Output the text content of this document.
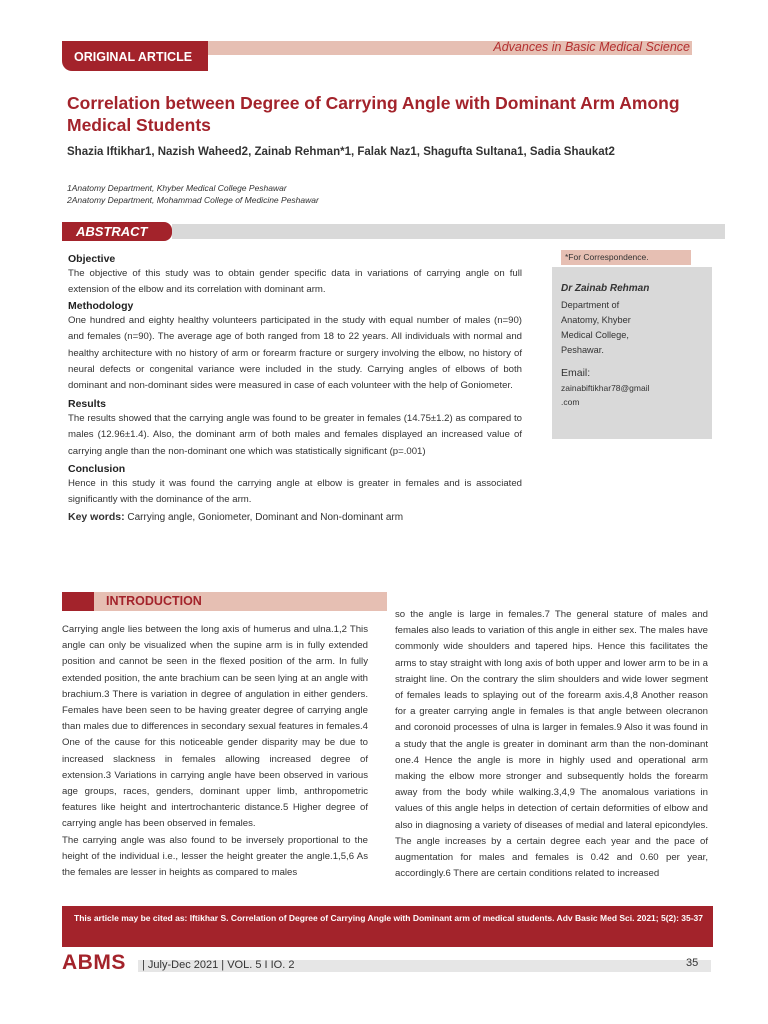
ORIGINAL ARTICLE
Advances in Basic Medical Science
Correlation between Degree of Carrying Angle with Dominant Arm Among Medical Students
Shazia Iftikhar1, Nazish Waheed2, Zainab Rehman*1, Falak Naz1, Shagufta Sultana1, Sadia Shaukat2
1Anatomy Department, Khyber Medical College Peshawar
2Anatomy Department, Mohammad College of Medicine Peshawar
ABSTRACT
Objective

The objective of this study was to obtain gender specific data in variations of carrying angle on full extension of the elbow and its correlation with dominant arm.

Methodology

One hundred and eighty healthy volunteers participated in the study with equal number of males (n=90) and females (n=90). The average age of both ranged from 18 to 22 years. All individuals with normal and healthy architecture with no history of arm or forearm fracture or surgery involving the elbow, no history of neural defects or congenital variance were included in the study. Carrying angles of elbows of both dominant and non-dominant sides were measured in case of each volunteer with the help of Goniometer.

Results

The results showed that the carrying angle was found to be greater in females (14.75±1.2) as compared to males (12.96±1.4). Also, the dominant arm of both males and females displayed an increased value of carrying angle than the non-dominant one which was statistically significant (p=.001)

Conclusion

Hence in this study it was found the carrying angle at elbow is greater in females and is associated significantly with the dominance of the arm.

Key words: Carrying angle, Goniometer, Dominant and Non-dominant arm

*For Correspondence.
Dr Zainab Rehman
Department of
Anatomy, Khyber
Medical College,
Peshawar.
Email:
zainabiftikhar78@gmail
.com
INTRODUCTION

Carrying angle lies between the long axis of humerus and ulna.1,2 This angle can only be visualized when the supine arm is in fully extended position and cannot be seen in the flexed position of the arm. In fully extended position, the ante brachium can be seen lying at an angle with brachium.3 There is variation in degree of angulation in either genders. Females have been seen to be having greater degree of carrying angle than males due to differences in secondary sexual features in females.4 One of the cause for this noticeable gender disparity may be due to increased slackness in females allowing increased degree of extension.3 Variations in carrying angle have been observed in various age groups, races, genders, dominant upper limb, anthropometric features like height and intertrochanteric distance.5 Higher degree of carrying angle has been observed in females.

The carrying angle was also found to be inversely proportional to the height of the individual i.e., lesser the height greater the angle.1,5,6 As the females are lesser in heights as compared to males

so the angle is large in females.7 The general stature of males and females also leads to variation of this angle in either sex. The males have commonly wide shoulders and tapered hips. Hence this facilitates the arms to stay straight with long axis of both upper and lower arm to be in a straight line. On the contrary the slim shoulders and wide lower segment of females leads to splaying out of the forearm axis.4,8 Another reason for a greater carrying angle in females is that angle between olecranon and coronoid processes of ulna is larger in females.9 Also it was found in a study that the angle is greater in dominant arm than the non-dominant one.4 Hence the angle is more in highly used and operational arm making the elbow more stronger and subsequently holds the forearm away from the body while walking.3,4,9 The anomalous variations in values of this angle helps in detection of certain deformities of elbow and also in diagnosing a variety of diseases of medial and lateral epicondyles. The angle increases by a certain degree each year and the pace of augmentation for males and females is 0.42 and 0.60 per year, accordingly.6 There are certain conditions related to increased

This article may be cited as: Iftikhar S. Correlation of Degree of Carrying Angle with Dominant arm of medical students. Adv Basic Med Sci. 2021; 5(2): 35-37
ABMS | July-Dec 2021 | VOL. 5 I IO. 2	35
